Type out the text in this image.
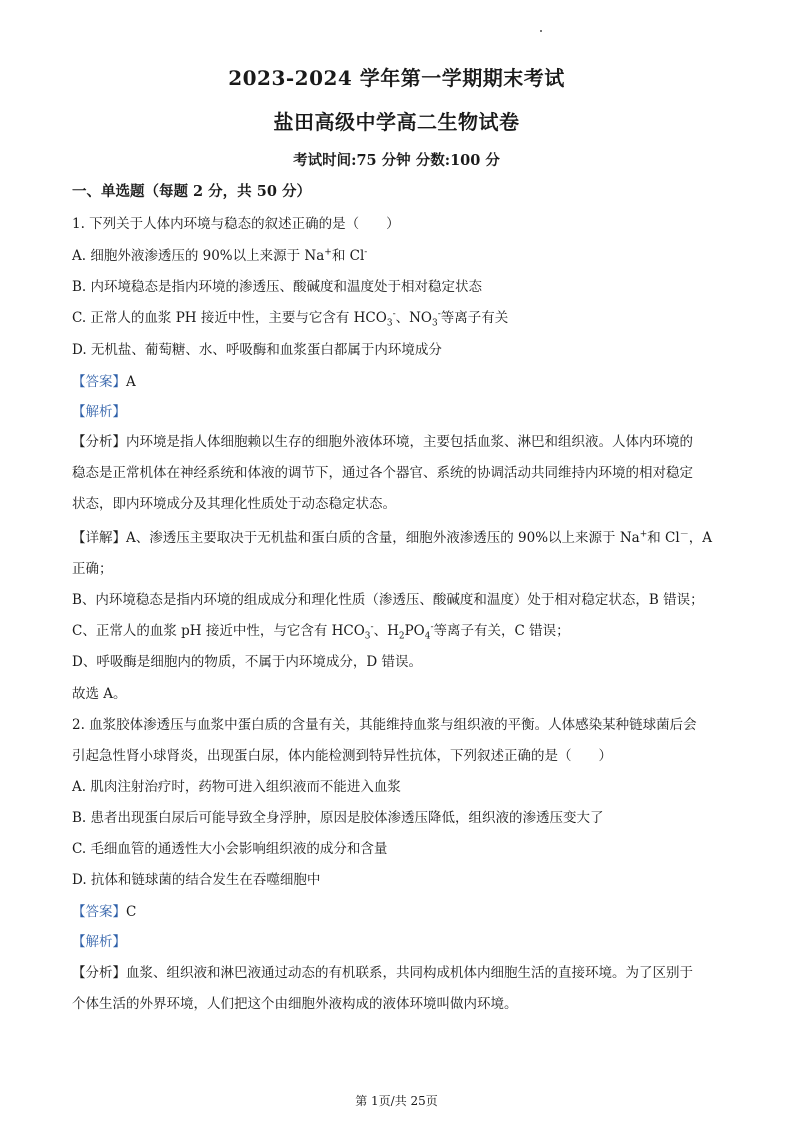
2023-2024 学年第一学期期末考试
盐田高级中学高二生物试卷
考试时间:75 分钟 分数:100 分
一、单选题（每题 2 分，共 50 分）
1. 下列关于人体内环境与稳态的叙述正确的是（　　）
A. 细胞外液渗透压的 90%以上来源于 Na+和 Cl-
B. 内环境稳态是指内环境的渗透压、酸碱度和温度处于相对稳定状态
C. 正常人的血浆 PH 接近中性，主要与它含有 $HCO_3^-$、$NO_3^-$等离子有关
D. 无机盐、葡萄糖、水、呼吸酶和血浆蛋白都属于内环境成分
【答案】A
【解析】
【分析】内环境是指人体细胞赖以生存的细胞外液体环境，主要包括血浆、淋巴和组织液。人体内环境的
稳态是正常机体在神经系统和体液的调节下，通过各个器官、系统的协调活动共同维持内环境的相对稳定
状态，即内环境成分及其理化性质处于动态稳定状态。
【详解】A、渗透压主要取决于无机盐和蛋白质的含量，细胞外液渗透压的 90%以上来源于 Na+和 Cl－，A
正确；
B、内环境稳态是指内环境的组成成分和理化性质（渗透压、酸碱度和温度）处于相对稳定状态，B 错误；
C、正常人的血浆 pH 接近中性，与它含有 $HCO_3^-$、$H_2PO_4^-$等离子有关，C 错误；
D、呼吸酶是细胞内的物质，不属于内环境成分，D 错误。
故选 A。
2. 血浆胶体渗透压与血浆中蛋白质的含量有关，其能维持血浆与组织液的平衡。人体感染某种链球菌后会
引起急性肾小球肾炎，出现蛋白尿，体内能检测到特异性抗体，下列叙述正确的是（　　）
A. 肌肉注射治疗时，药物可进入组织液而不能进入血浆
B. 患者出现蛋白尿后可能导致全身浮肿，原因是胶体渗透压降低，组织液的渗透压变大了
C. 毛细血管的通透性大小会影响组织液的成分和含量
D. 抗体和链球菌的结合发生在吞噬细胞中
【答案】C
【解析】
【分析】血浆、组织液和淋巴液通过动态的有机联系，共同构成机体内细胞生活的直接环境。为了区别于
个体生活的外界环境，人们把这个由细胞外液构成的液体环境叫做内环境。
第 1页/共 25页
